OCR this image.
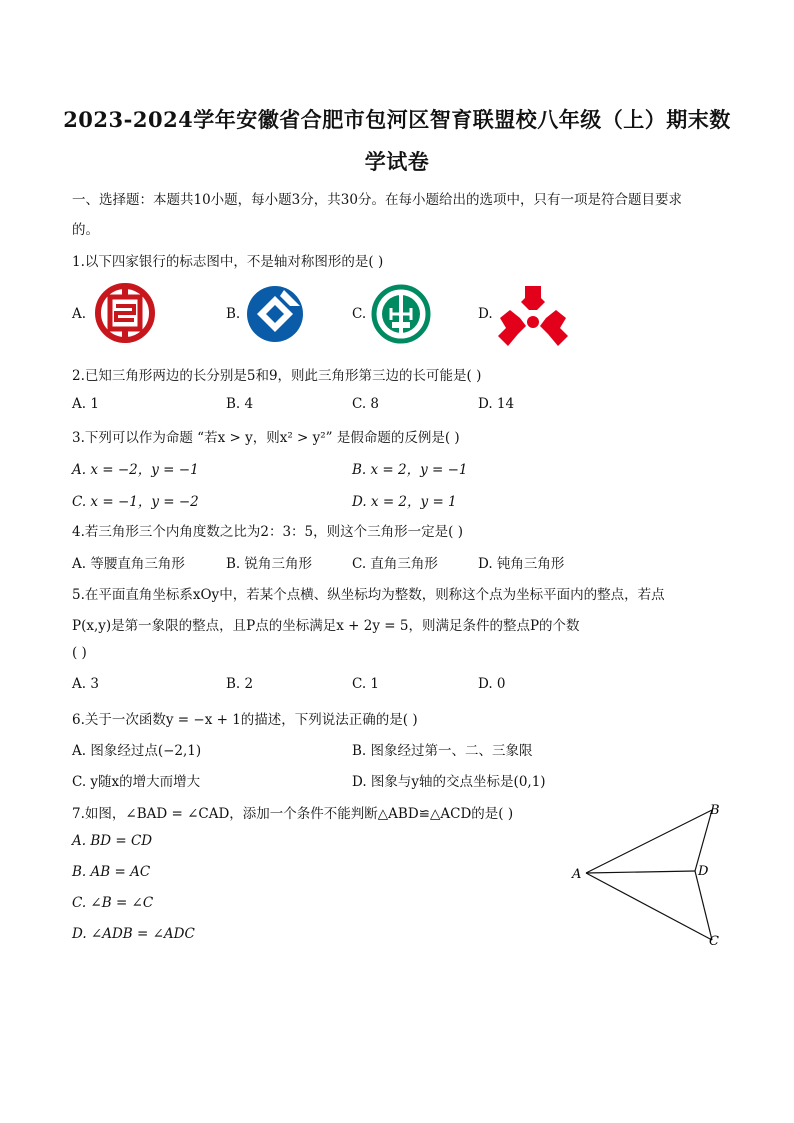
2023-2024学年安徽省合肥市包河区智育联盟校八年级（上）期末数
学试卷
一、选择题：本题共10小题，每小题3分，共30分。在每小题给出的选项中，只有一项是符合题目要求
的。
1.以下四家银行的标志图中，不是轴对称图形的是( )
A.	B.	C.	D.
2.已知三角形两边的长分别是5和9，则此三角形第三边的长可能是( )
A. 1	B. 4	C. 8	D. 14
3.下列可以作为命题 “若x > y，则x² > y²” 是假命题的反例是( )
A. x = −2，y = −1	B. x = 2，y = −1
C. x = −1，y = −2	D. x = 2，y = 1
4.若三角形三个内角度数之比为2：3：5，则这个三角形一定是( )
A. 等腰直角三角形	B. 锐角三角形	C. 直角三角形	D. 钝角三角形
5.在平面直角坐标系xOy中，若某个点横、纵坐标均为整数，则称这个点为坐标平面内的整点，若点
P(x,y)是第一象限的整点，且P点的坐标满足x + 2y = 5，则满足条件的整点P的个数
( )
A. 3	B. 2	C. 1	D. 0
6.关于一次函数y = −x + 1的描述，下列说法正确的是( )
A. 图象经过点(−2,1)	B. 图象经过第一、二、三象限
C. y随x的增大而增大	D. 图象与y轴的交点坐标是(0,1)
7.如图，∠BAD = ∠CAD，添加一个条件不能判断△ABD≌△ACD的是( )
A. BD = CD
B. AB = AC
C. ∠B = ∠C
D. ∠ADB = ∠ADC
A
B
D
C
